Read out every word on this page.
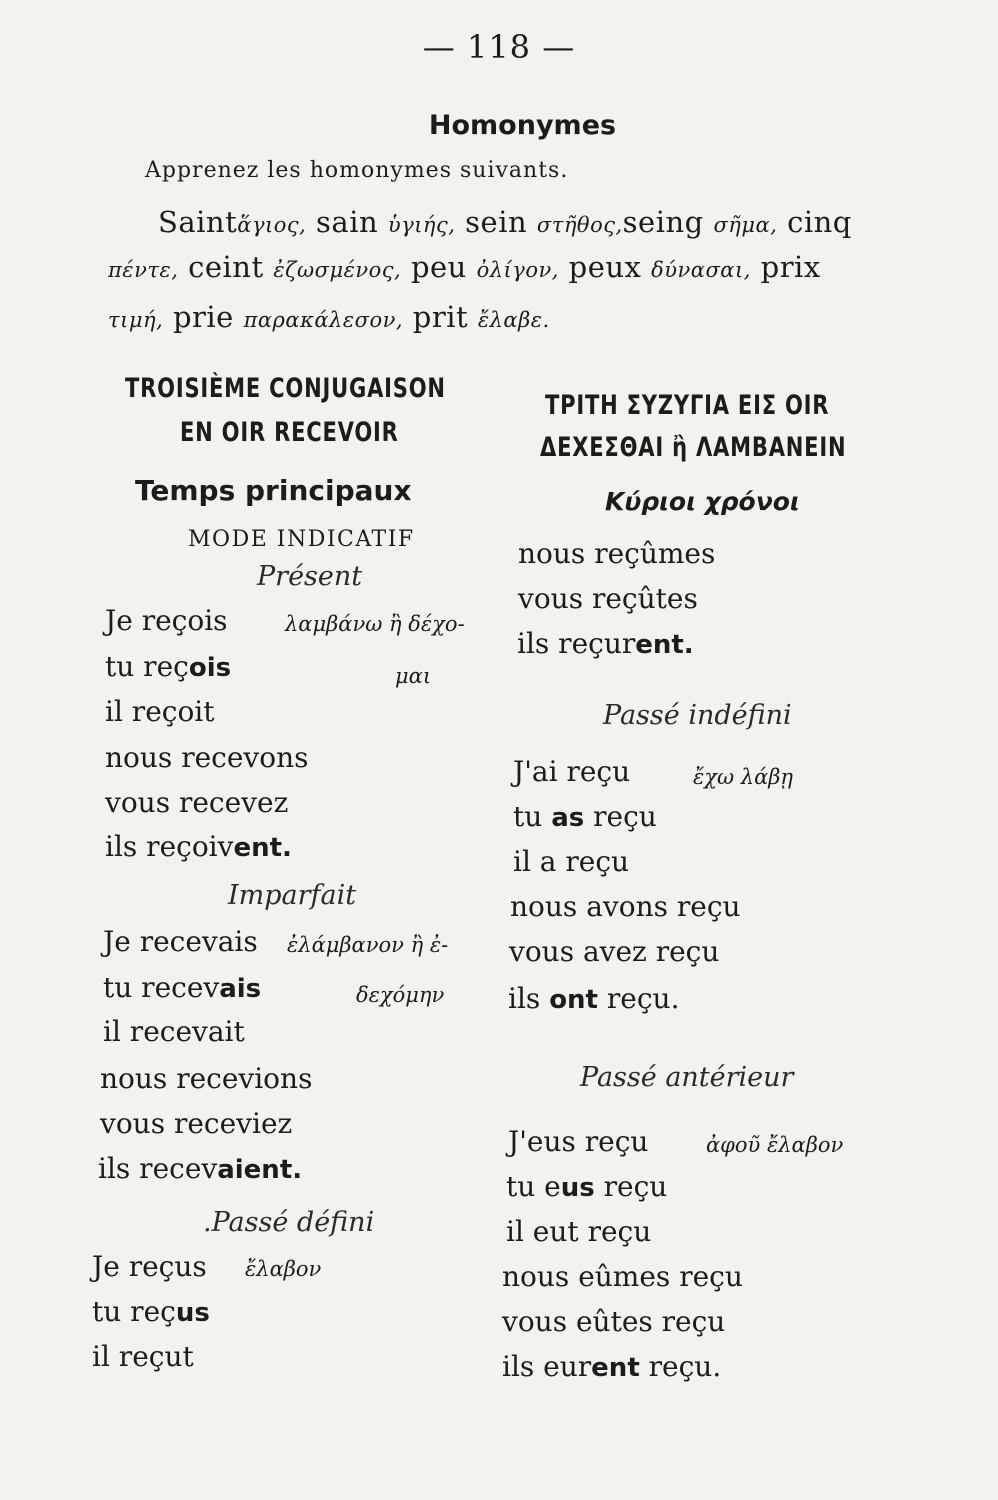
— 118 —
Homonymes
Apprenez les homonymes suivants.
Saintἅγιος, sain ὑγιής, sein στῆθος,seing σῆμα, cinq
πέντε, ceint ἐζωσμένος, peu ὀλίγον, peux δύνασαι, prix
τιμή, prie παρακάλεσον, prit ἔλαβε.
TROISIÈME CONJUGAISON
EN OIR RECEVOIR
ΤΡΙΤΗ ΣΥΖΥΓΙΑ ΕΙΣ OIR
ΔΕΧΕΣΘΑΙ ἢ ΛΑΜΒΑΝΕΙΝ
Temps principaux	Κύριοι χρόνοι
MODE INDICATIF
Présent
Je reçois	λαμβάνω ἢ δέχο-
tu reçois	μαι
il reçoit
nous recevons
vous recevez
ils reçoivent.
Imparfait
Je recevais ἐλάμβανον ἢ ἐ-
tu recevais	δεχόμην
il recevait
nous recevions
vous receviez
ils recevaient.
.Passé défini
Je reçus ἔλαβον
tu reçus
il reçut
nous reçûmes
vous reçûtes
ils reçurent.
Passé indéfini
J'ai reçu	ἔχω λάβῃ
tu as reçu
il a reçu
nous avons reçu
vous avez reçu
ils ont reçu.
Passé antérieur
J'eus reçu	ἀφοῦ ἔλαβον
tu eus reçu
il eut reçu
nous eûmes reçu
vous eûtes reçu
ils eurent reçu.
